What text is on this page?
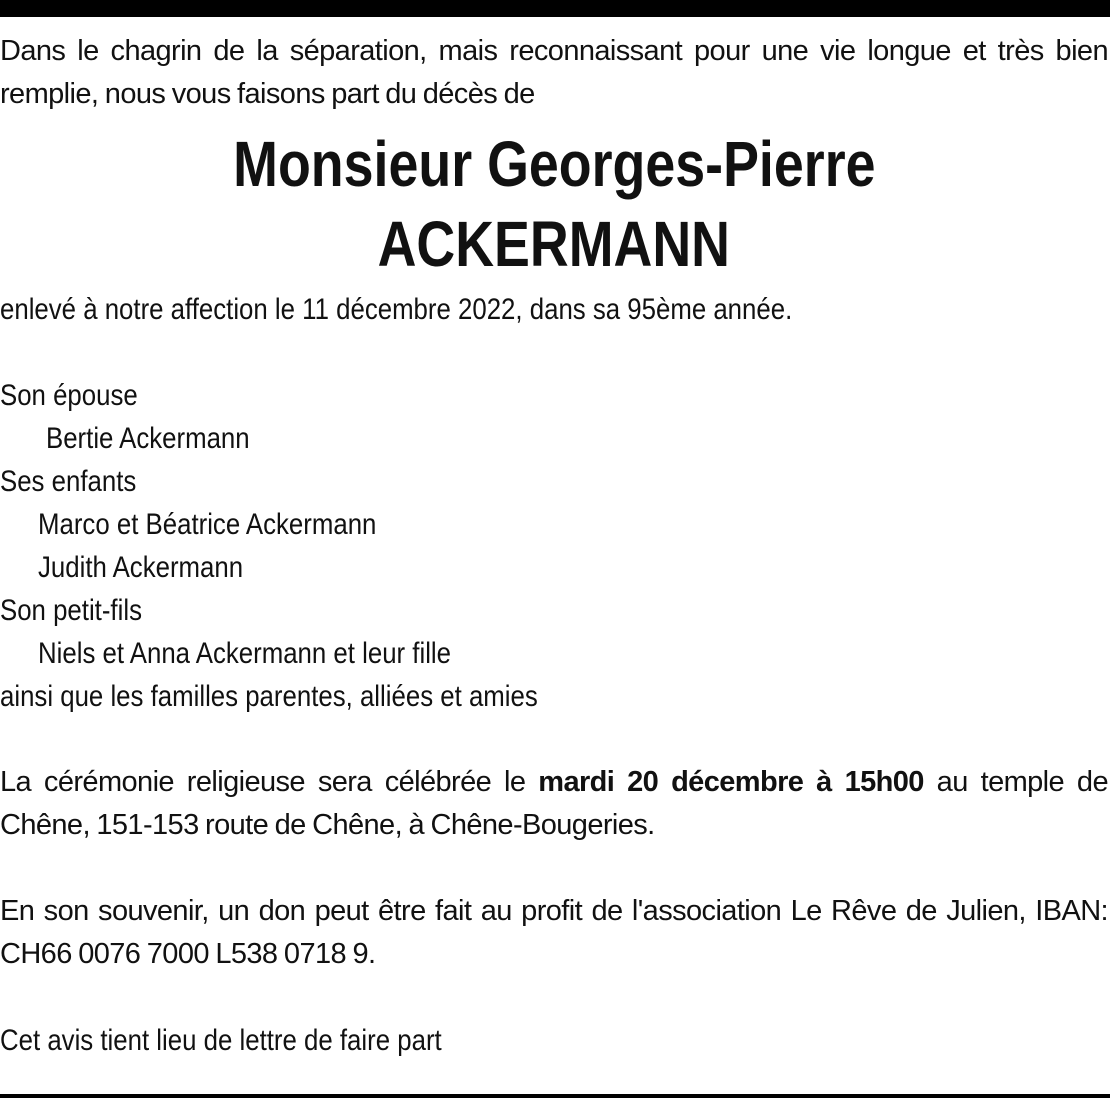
Dans le chagrin de la séparation, mais reconnaissant pour une vie longue et très bien remplie, nous vous faisons part du décès de

Monsieur Georges-Pierre
ACKERMANN
enlevé à notre affection le 11 décembre 2022, dans sa 95ème année.
Son épouse
Bertie Ackermann
Ses enfants
Marco et Béatrice Ackermann
Judith Ackermann
Son petit-fils
Niels et Anna Ackermann et leur fille
ainsi que les familles parentes, alliées et amies

La cérémonie religieuse sera célébrée le mardi 20 décembre à 15h00 au temple de Chêne, 151-153 route de Chêne, à Chêne-Bougeries.

En son souvenir, un don peut être fait au profit de l'association Le Rêve de Julien, IBAN: CH66 0076 7000 L538 0718 9.

Cet avis tient lieu de lettre de faire part
